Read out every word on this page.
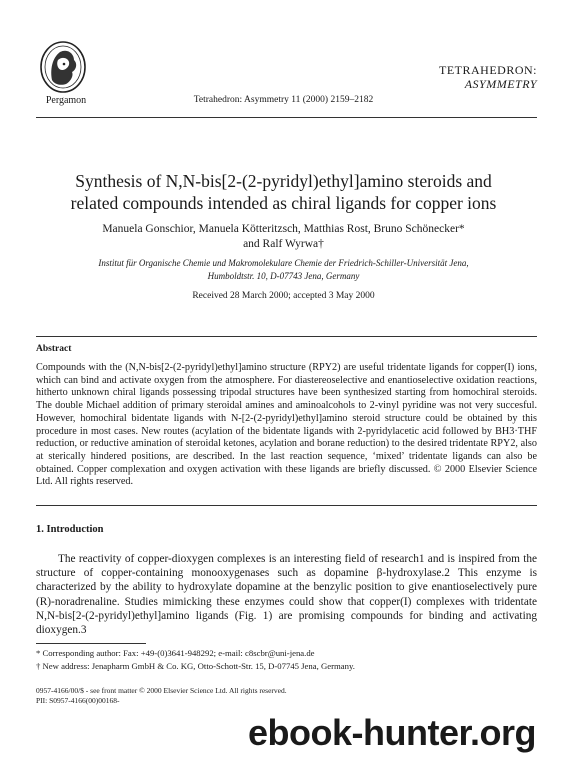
Pergamon	Tetrahedron: Asymmetry 11 (2000) 2159–2182
TETRAHEDRON:
ASYMMETRY
Synthesis of N,N-bis[2-(2-pyridyl)ethyl]amino steroids and
related compounds intended as chiral ligands for copper ions
Manuela Gonschior, Manuela Kötteritzsch, Matthias Rost, Bruno Schönecker*
and Ralf Wyrwa†
Institut für Organische Chemie und Makromolekulare Chemie der Friedrich-Schiller-Universität Jena,
Humboldtstr. 10, D-07743 Jena, Germany
Received 28 March 2000; accepted 3 May 2000
Abstract
Compounds with the (N,N-bis[2-(2-pyridyl)ethyl]amino structure (RPY2) are useful tridentate ligands for copper(I) ions, which can bind and activate oxygen from the atmosphere. For diastereoselective and enantioselective oxidation reactions, hitherto unknown chiral ligands possessing tripodal structures have been synthesized starting from homochiral steroids. The double Michael addition of primary steroidal amines and aminoalcohols to 2-vinyl pyridine was not very succesful. However, homochiral bidentate ligands with N-[2-(2-pyridyl)ethyl]amino steroid structure could be obtained by this procedure in most cases. New routes (acylation of the bidentate ligands with 2-pyridylacetic acid followed by BH3·THF reduction, or reductive amination of steroidal ketones, acylation and borane reduction) to the desired tridentate RPY2, also at sterically hindered positions, are described. In the last reaction sequence, ‘mixed’ tridentate ligands can also be obtained. Copper complexation and oxygen activation with these ligands are briefly discussed. © 2000 Elsevier Science Ltd. All rights reserved.
1. Introduction
The reactivity of copper-dioxygen complexes is an interesting field of research1 and is inspired from the structure of copper-containing monooxygenases such as dopamine β-hydroxylase.2 This enzyme is characterized by the ability to hydroxylate dopamine at the benzylic position to give enantioselectively pure (R)-noradrenaline. Studies mimicking these enzymes could show that copper(I) complexes with tridentate N,N-bis[2-(2-pyridyl)ethyl]amino ligands (Fig. 1) are promising compounds for binding and activating dioxygen.3
* Corresponding author: Fax: +49-(0)3641-948292; e-mail: c8scbr@uni-jena.de
† New address: Jenapharm GmbH & Co. KG, Otto-Schott-Str. 15, D-07745 Jena, Germany.
0957-4166/00/$ - see front matter © 2000 Elsevier Science Ltd. All rights reserved.
PII: S0957-4166(00)00168-
ebook-hunter.org
